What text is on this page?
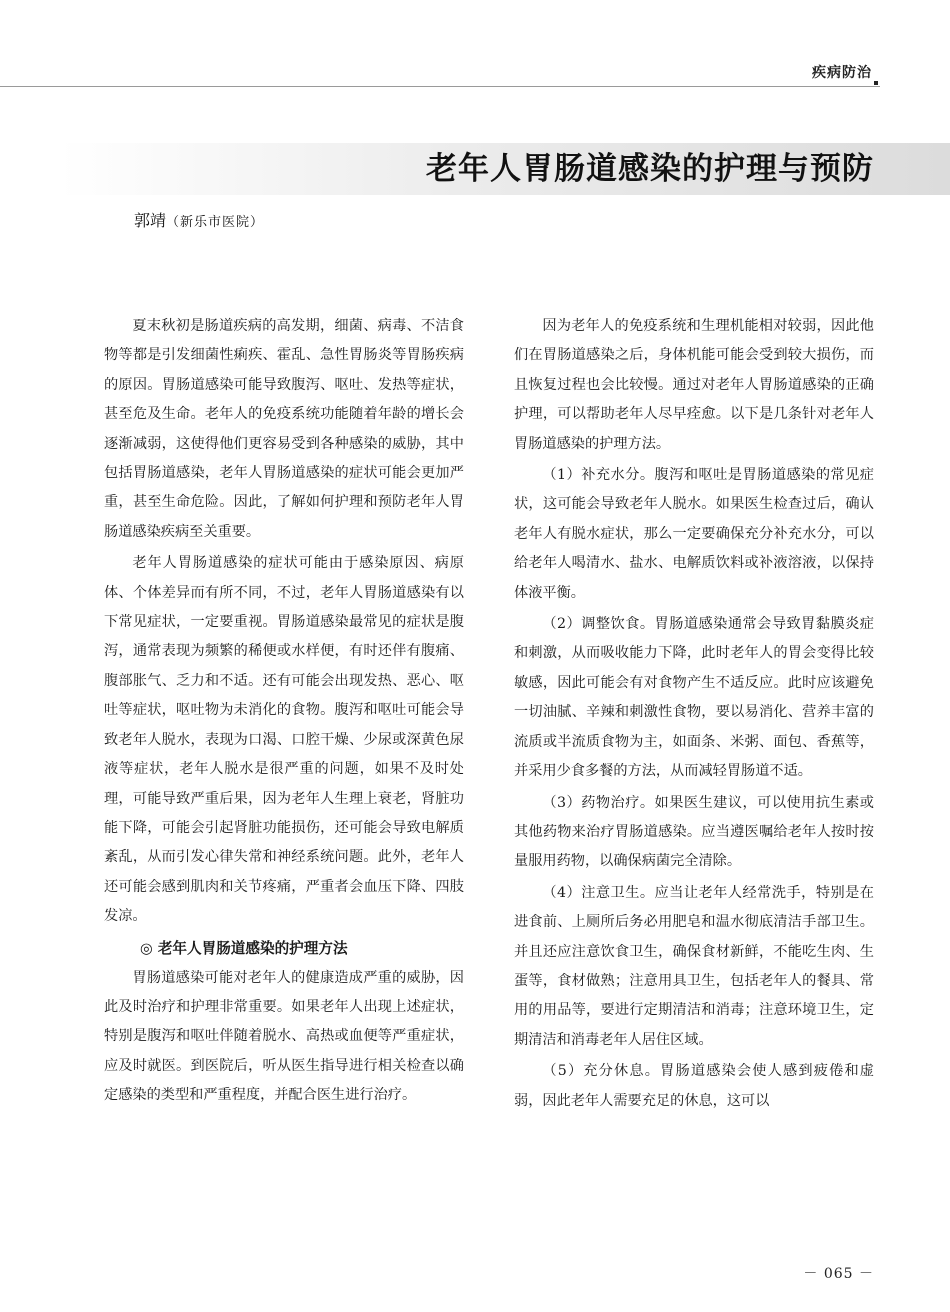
疾病防治
老年人胃肠道感染的护理与预防
郭靖（新乐市医院）

夏末秋初是肠道疾病的高发期，细菌、病毒、不洁食物等都是引发细菌性痢疾、霍乱、急性胃肠炎等胃肠疾病的原因。胃肠道感染可能导致腹泻、呕吐、发热等症状，甚至危及生命。老年人的免疫系统功能随着年龄的增长会逐渐减弱，这使得他们更容易受到各种感染的威胁，其中包括胃肠道感染，老年人胃肠道感染的症状可能会更加严重，甚至生命危险。因此，了解如何护理和预防老年人胃肠道感染疾病至关重要。

老年人胃肠道感染的症状可能由于感染原因、病原体、个体差异而有所不同，不过，老年人胃肠道感染有以下常见症状，一定要重视。胃肠道感染最常见的症状是腹泻，通常表现为频繁的稀便或水样便，有时还伴有腹痛、腹部胀气、乏力和不适。还有可能会出现发热、恶心、呕吐等症状，呕吐物为未消化的食物。腹泻和呕吐可能会导致老年人脱水，表现为口渴、口腔干燥、少尿或深黄色尿液等症状，老年人脱水是很严重的问题，如果不及时处理，可能导致严重后果，因为老年人生理上衰老，肾脏功能下降，可能会引起肾脏功能损伤，还可能会导致电解质紊乱，从而引发心律失常和神经系统问题。此外，老年人还可能会感到肌肉和关节疼痛，严重者会血压下降、四肢发凉。

◎ 老年人胃肠道感染的护理方法

胃肠道感染可能对老年人的健康造成严重的威胁，因此及时治疗和护理非常重要。如果老年人出现上述症状，特别是腹泻和呕吐伴随着脱水、高热或血便等严重症状，应及时就医。到医院后，听从医生指导进行相关检查以确定感染的类型和严重程度，并配合医生进行治疗。

因为老年人的免疫系统和生理机能相对较弱，因此他们在胃肠道感染之后，身体机能可能会受到较大损伤，而且恢复过程也会比较慢。通过对老年人胃肠道感染的正确护理，可以帮助老年人尽早痊愈。以下是几条针对老年人胃肠道感染的护理方法。

（1）补充水分。腹泻和呕吐是胃肠道感染的常见症状，这可能会导致老年人脱水。如果医生检查过后，确认老年人有脱水症状，那么一定要确保充分补充水分，可以给老年人喝清水、盐水、电解质饮料或补液溶液，以保持体液平衡。

（2）调整饮食。胃肠道感染通常会导致胃黏膜炎症和刺激，从而吸收能力下降，此时老年人的胃会变得比较敏感，因此可能会有对食物产生不适反应。此时应该避免一切油腻、辛辣和刺激性食物，要以易消化、营养丰富的流质或半流质食物为主，如面条、米粥、面包、香蕉等，并采用少食多餐的方法，从而减轻胃肠道不适。

（3）药物治疗。如果医生建议，可以使用抗生素或其他药物来治疗胃肠道感染。应当遵医嘱给老年人按时按量服用药物，以确保病菌完全清除。

（4）注意卫生。应当让老年人经常洗手，特别是在进食前、上厕所后务必用肥皂和温水彻底清洁手部卫生。并且还应注意饮食卫生，确保食材新鲜，不能吃生肉、生蛋等，食材做熟；注意用具卫生，包括老年人的餐具、常用的用品等，要进行定期清洁和消毒；注意环境卫生，定期清洁和消毒老年人居住区域。

（5）充分休息。胃肠道感染会使人感到疲倦和虚弱，因此老年人需要充足的休息，这可以

－ 065 －
